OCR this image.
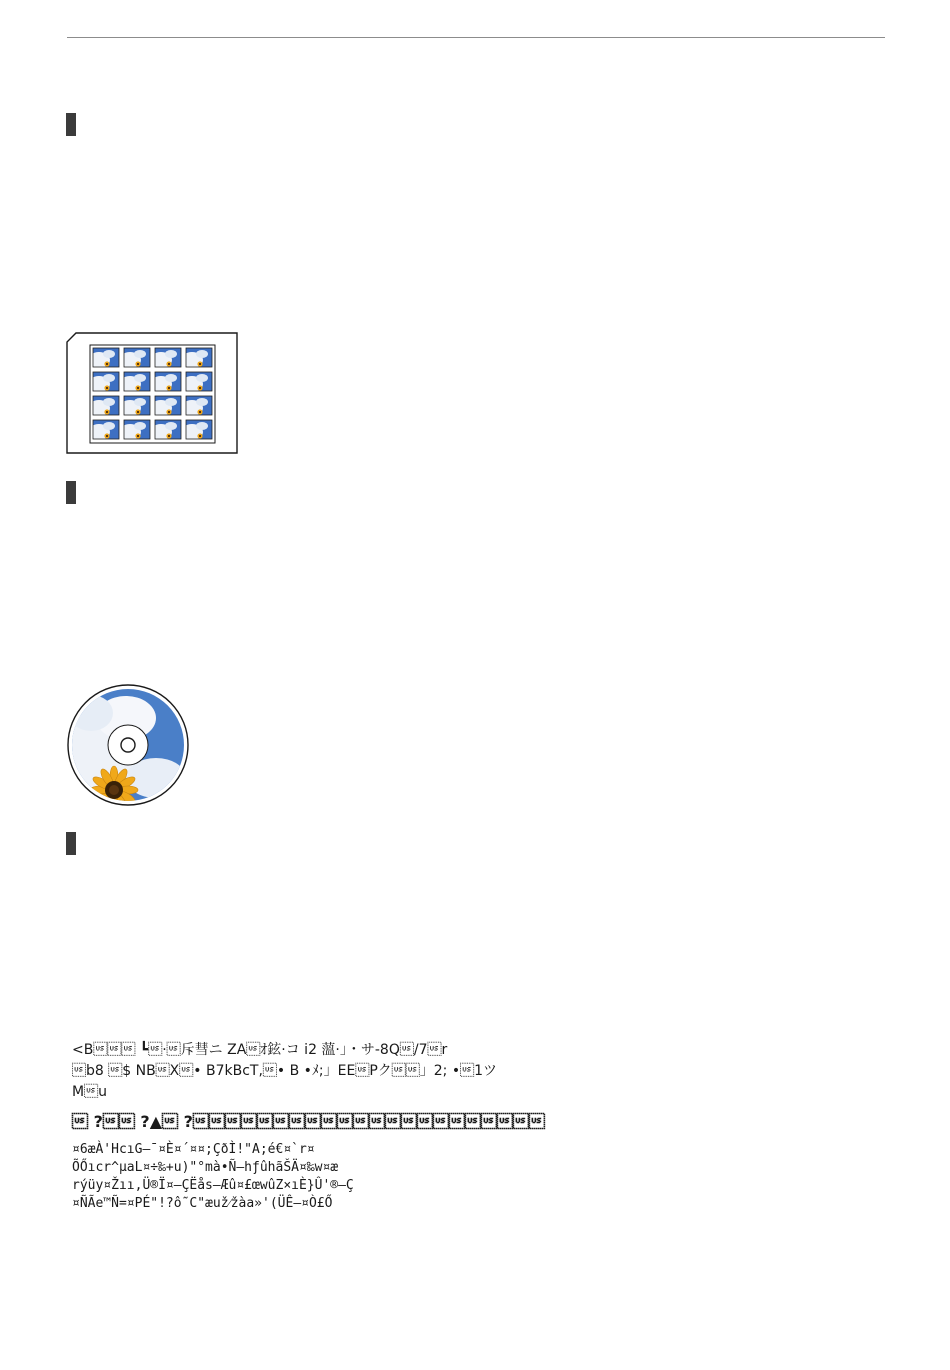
<B ┗·斥彗ニ ZAｵ鉉·コ i2 薀·」・サ-8Q/7r
b8 $ NBX• B7kBcT,• B •ﾒ;」EEPク」2; •1ツ
Mu
 ? ?▲ ?
¤6æÀ'HcıG—¯¤È¤´¤¤;ÇðÌ!"A;é€¤`r¤
ÕŐıcr^µaL¤÷‰+u)"°mà•Ñ–hƒûhãŠÄ¤‰w¤æ
rýüy¤Žıı,Ü®Ï¤–ÇËås–Æû¤£œwûZ×ıÈ}Û'®–Ç
¤ÑÃe™Ñ=¤PÉ"!?ô˜C"æuž⁄žàa»'(ÜÊ–¤Ò£Ő
